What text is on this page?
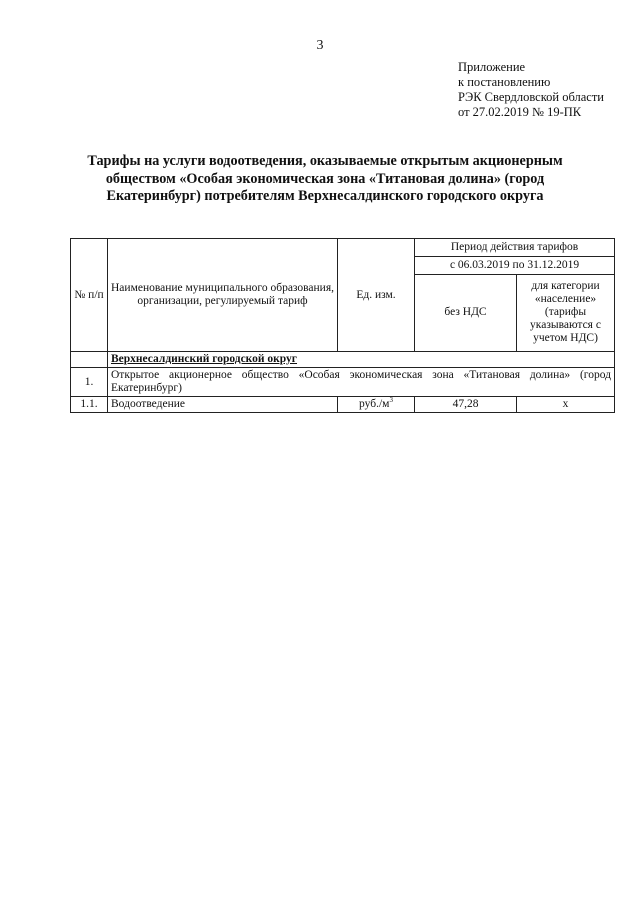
3
Приложение
к постановлению
РЭК Свердловской области
от 27.02.2019 № 19-ПК
Тарифы на услуги водоотведения, оказываемые открытым акционерным обществом «Особая экономическая зона «Титановая долина» (город Екатеринбург) потребителям Верхнесалдинского городского округа
№ п/п	Наименование муниципального образования, организации, регулируемый тариф	Ед. изм.	Период действия тарифов	
			с 06.03.2019 по 31.12.2019	
			без НДС	для категории «население» (тарифы указываются с учетом НДС)
	Верхнесалдинский городской округ			
1.	Открытое акционерное общество «Особая экономическая зона «Титановая долина» (город Екатеринбург)			
1.1.	Водоотведение	$руб./м^3$	47,28	х
